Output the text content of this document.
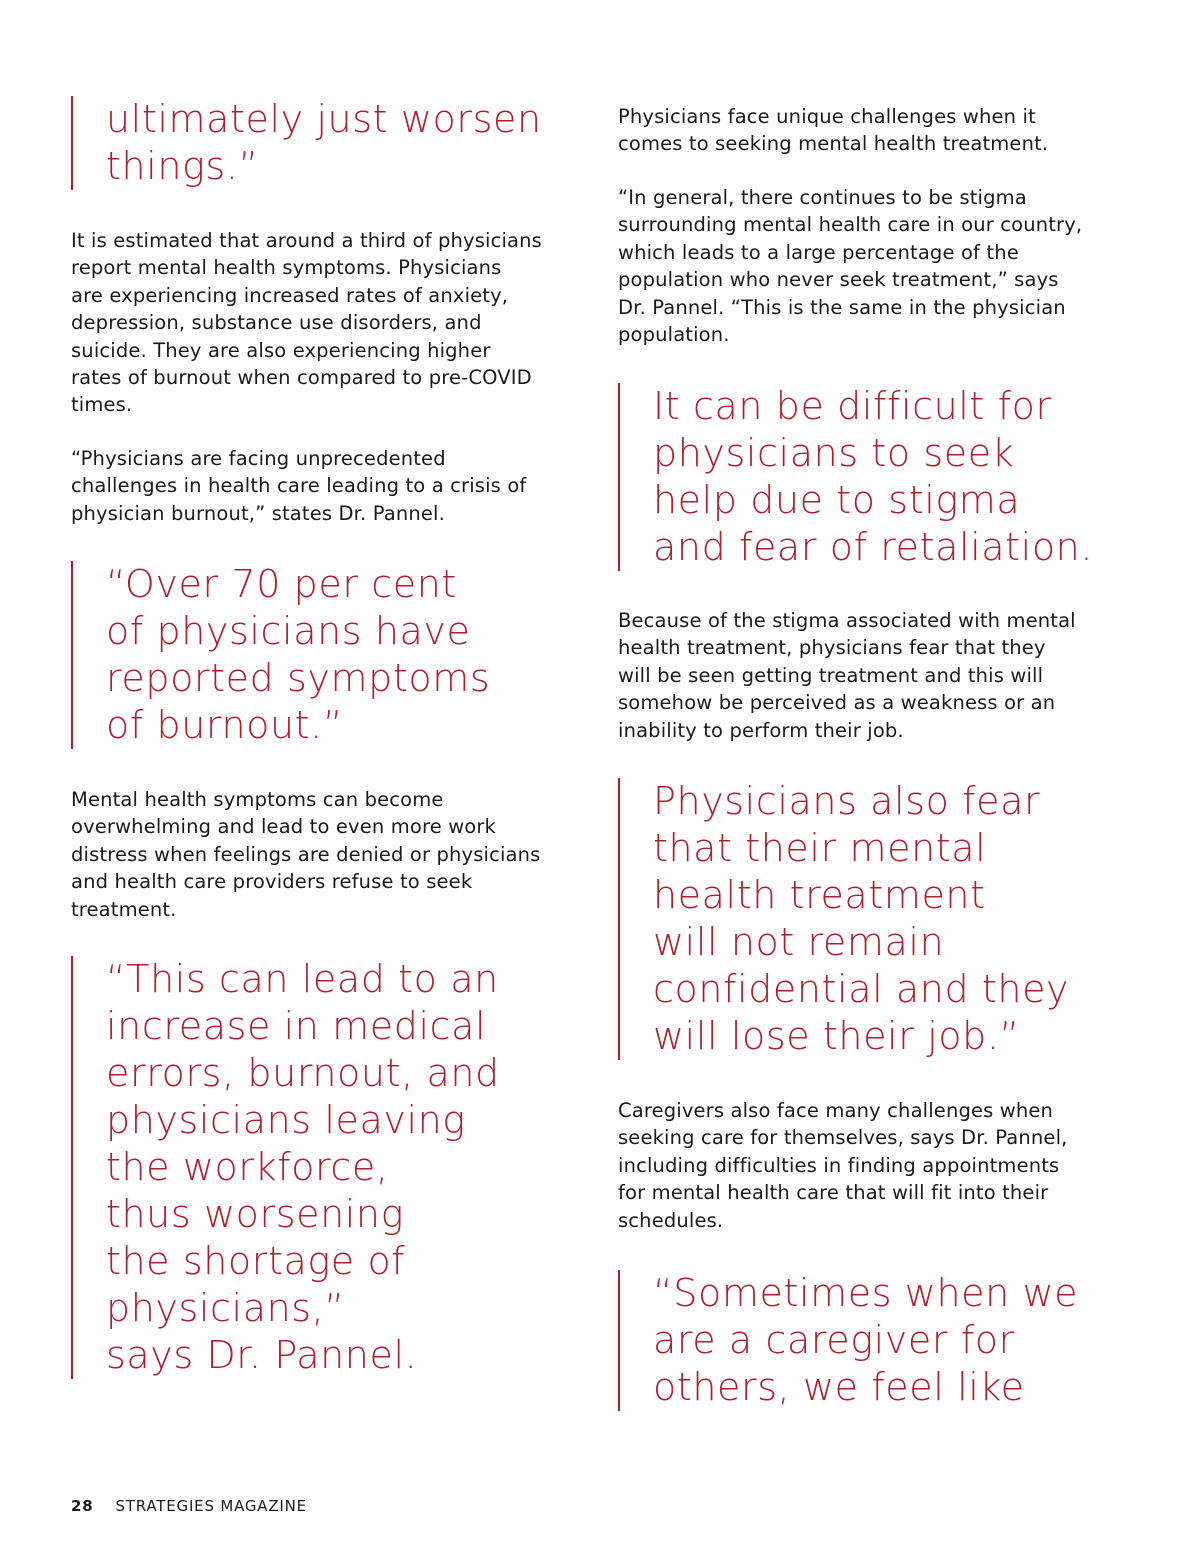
ultimately just worsen
things.”

It is estimated that around a third of physicians
report mental health symptoms. Physicians
are experiencing increased rates of anxiety,
depression, substance use disorders, and
suicide. They are also experiencing higher
rates of burnout when compared to pre-COVID
times.

“Physicians are facing unprecedented
challenges in health care leading to a crisis of
physician burnout,” states Dr. Pannel.

“Over 70 per cent
of physicians have
reported symptoms
of burnout.”

Mental health symptoms can become
overwhelming and lead to even more work
distress when feelings are denied or physicians
and health care providers refuse to seek
treatment.

“This can lead to an
increase in medical
errors, burnout, and
physicians leaving
the workforce,
thus worsening
the shortage of
physicians,”
says Dr. Pannel.

Physicians face unique challenges when it
comes to seeking mental health treatment.

“In general, there continues to be stigma
surrounding mental health care in our country,
which leads to a large percentage of the
population who never seek treatment,” says
Dr. Pannel. “This is the same in the physician
population.

It can be difficult for
physicians to seek
help due to stigma
and fear of retaliation.

Because of the stigma associated with mental
health treatment, physicians fear that they
will be seen getting treatment and this will
somehow be perceived as a weakness or an
inability to perform their job.

Physicians also fear
that their mental
health treatment
will not remain
confidential and they
will lose their job.”

Caregivers also face many challenges when
seeking care for themselves, says Dr. Pannel,
including difficulties in finding appointments
for mental health care that will fit into their
schedules.

“Sometimes when we
are a caregiver for
others, we feel like
28 STRATEGIES MAGAZINE
